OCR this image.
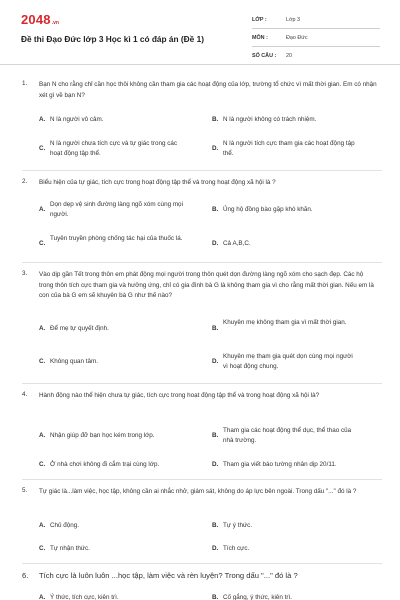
2048 .vn
Đề thi Đạo Đức lớp 3 Học kì 1 có đáp án (Đề 1)
LỚP :	Lớp 3
MÔN :	Đạo Đức
SỐ CÂU : 20
1. Bạn N cho rằng chỉ cần học thôi không cần tham gia các hoạt động của lớp, trường tổ chức vì mất thời gian. Em có nhận xét gì về bạn N?
A. N là người vô cảm.	B. N là người không có trách nhiệm.
C.
N là người chưa tích cực và tự giác trong các hoạt động tập thể.
D.
N là người tích cực tham gia các hoạt động tập thể.
2. Biểu hiện của tự giác, tích cực trong hoạt động tập thể và trong hoạt động xã hội là ?
A.
Dọn dẹp vệ sinh đường làng ngõ xóm cùng mọi người.
B. Ủng hộ đồng bào gặp khó khăn.
C.
Tuyên truyền phòng chống tác hại của thuốc lá.
D. Cả A,B,C.
3. Vào dịp gần Tết trong thôn em phát động mọi người trong thôn quét dọn đường làng ngõ xóm cho sạch đẹp. Các hộ trong thôn tích cực tham gia và hưởng ứng, chỉ có gia đình bà G là không tham gia vì cho rằng mất thời gian. Nếu em là con của bà G em sẽ khuyên bà G như thế nào?
A. Để mẹ tự quyết định.	B.
Khuyên mẹ không tham gia vì mất thời gian.
C. Không quan tâm.	D.
Khuyên mẹ tham gia quét dọn cùng mọi người vì hoạt động chung.
4. Hành động nào thể hiện chưa tự giác, tích cực trong hoạt động tập thể và trong hoạt động xã hội là?
A. Nhận giúp đỡ bạn học kém trong lớp.	B.
Tham gia các hoạt động thể dục, thể thao của nhà trường.
C. Ở nhà chơi không đi cắm trại cùng lớp.	D. Tham gia viết báo tường nhân dịp 20/11.
5. Tự giác là...làm việc, học tập, không cần ai nhắc nhở, giám sát, không do áp lực bên ngoài. Trong dấu "..." đó là ?
A. Chủ động.	B. Tự ý thức.
C. Tự nhận thức.	D. Tích cực.
6. Tích cực là luôn luôn ...học tập, làm việc và rèn luyện? Trong dấu "..." đó là ?
A. Ý thức, tích cực, kiên trì.	B. Cố gắng, ý thức, kiên trì.
